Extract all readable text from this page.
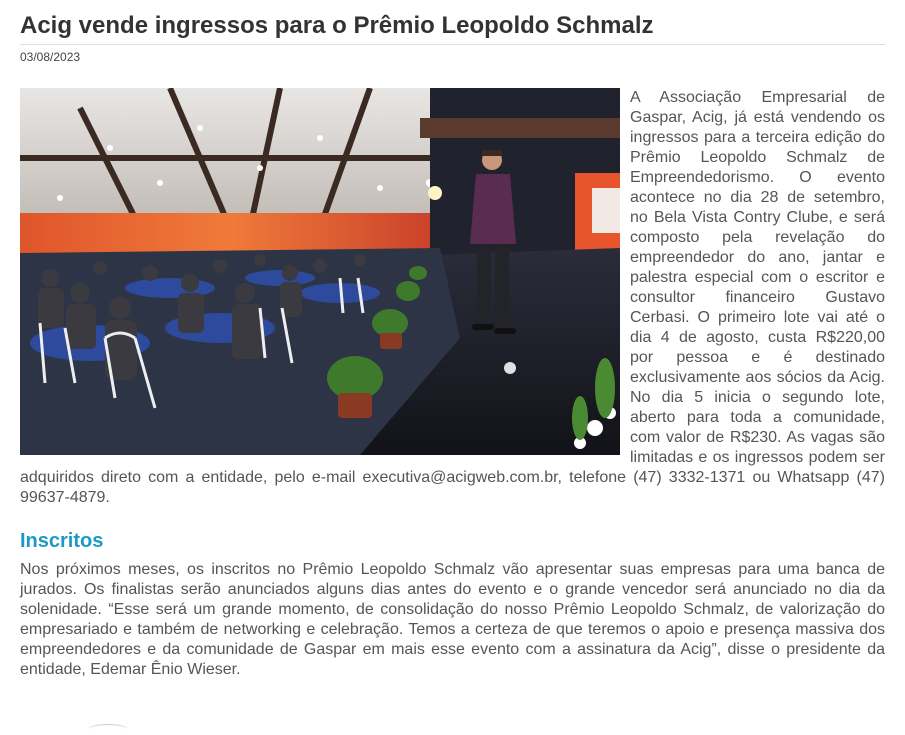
Acig vende ingressos para o Prêmio Leopoldo Schmalz
03/08/2023
A Associação Empresarial de Gaspar, Acig, já está vendendo os ingressos para a terceira edição do Prêmio Leopoldo Schmalz de Empreendedorismo. O evento acontece no dia 28 de setembro, no Bela Vista Contry Clube, e será composto pela revelação do empreendedor do ano, jantar e palestra especial com o escritor e consultor financeiro Gustavo Cerbasi. O primeiro lote vai até o dia 4 de agosto, custa R$220,00 por pessoa e é destinado exclusivamente aos sócios da Acig. No dia 5 inicia o segundo lote, aberto para toda a comunidade, com valor de R$230. As vagas são limitadas e os ingressos podem ser adquiridos direto com a entidade, pelo e-mail executiva@acigweb.com.br, telefone (47) 3332-1371 ou Whatsapp (47) 99637-4879.
Inscritos

Nos próximos meses, os inscritos no Prêmio Leopoldo Schmalz vão apresentar suas empresas para uma banca de jurados. Os finalistas serão anunciados alguns dias antes do evento e o grande vencedor será anunciado no dia da solenidade. “Esse será um grande momento, de consolidação do nosso Prêmio Leopoldo Schmalz, de valorização do empresariado e também de networking e celebração. Temos a certeza de que teremos o apoio e presença massiva dos empreendedores e da comunidade de Gaspar em mais esse evento com a assinatura da Acig”, disse o presidente da entidade, Edemar Ênio Wieser.
